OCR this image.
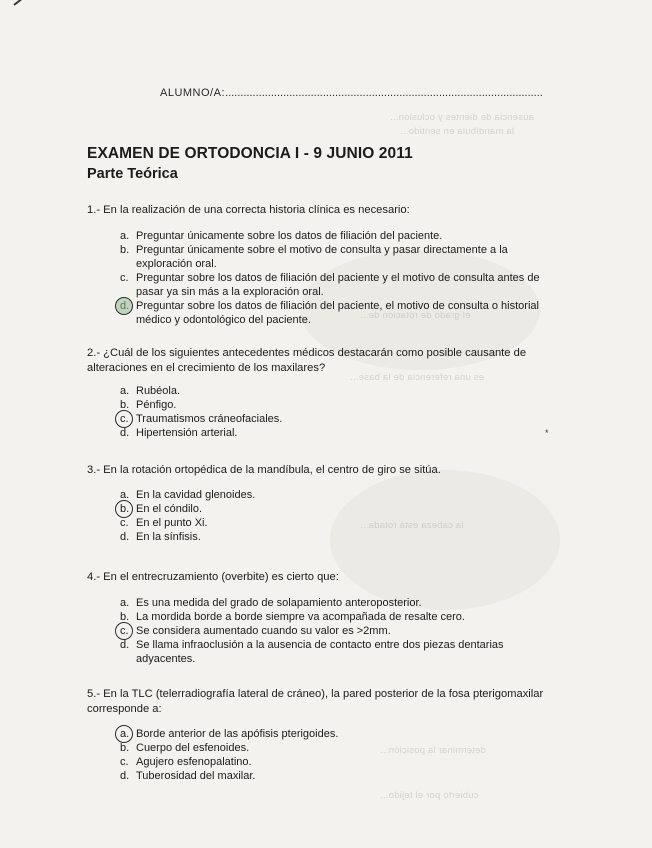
ausencia de dientes y oclusión...
la mandíbula en sentido...
el grado de rotación de...
es una referencia de la base...
la cabeza está rotada...
determinar la posición...
cubierto por el tejido...
ALUMNO/A:........................................................................................................
EXAMEN DE ORTODONCIA I - 9 JUNIO 2011
Parte Teórica
1.- En la realización de una correcta historia clínica es necesario:
a. Preguntar únicamente sobre los datos de filiación del paciente.
b. Preguntar únicamente sobre el motivo de consulta y pasar directamente a la exploración oral.
c. Preguntar sobre los datos de filiación del paciente y el motivo de consulta antes de pasar ya sin más a la exploración oral.
Preguntar sobre los datos de filiación del paciente, el motivo de consulta o historial médico y odontológico del paciente.
2.- ¿Cuál de los siguientes antecedentes médicos destacarán como posible causante de alteraciones en el crecimiento de los maxilares?
a. Rubéola.
b. Pénfigo.
c. Traumatismos cráneofaciales.
d. Hipertensión arterial.	*
3.- En la rotación ortopédica de la mandíbula, el centro de giro se sitúa.
a. En la cavidad glenoides.
b. En el cóndilo.
c. En el punto Xi.
d. En la sínfisis.
4.- En el entrecruzamiento (overbite) es cierto que:
a. Es una medida del grado de solapamiento anteroposterior.
b. La mordida borde a borde siempre va acompañada de resalte cero.
c. Se considera aumentado cuando su valor es >2mm.
d. Se llama infraoclusión a la ausencia de contacto entre dos piezas dentarias adyacentes.
5.- En la TLC (telerradiografía lateral de cráneo), la pared posterior de la fosa pterigomaxilar corresponde a:
a. Borde anterior de las apófisis pterigoides.
b. Cuerpo del esfenoides.
c. Agujero esfenopalatino.
d. Tuberosidad del maxilar.
